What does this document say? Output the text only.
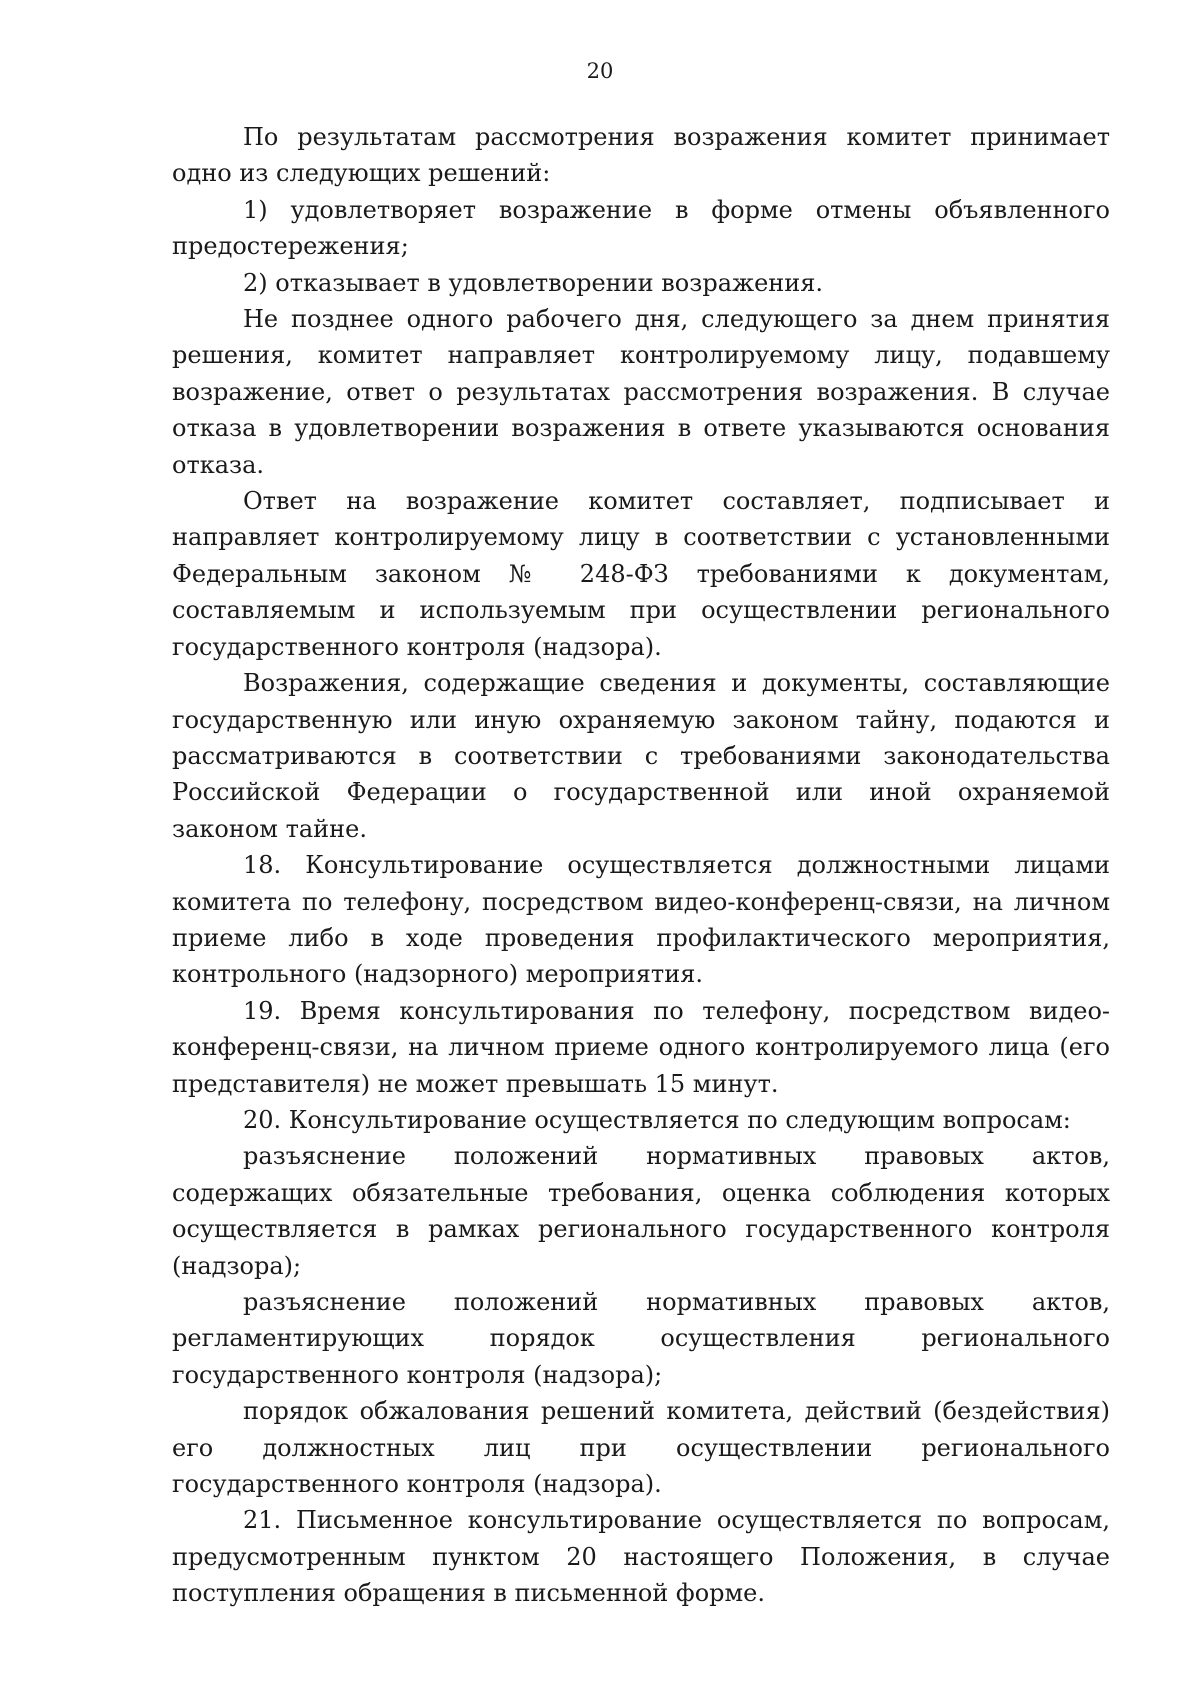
20

По результатам рассмотрения возражения комитет принимает одно из следующих решений:

1) удовлетворяет возражение в форме отмены объявленного предостережения;

2) отказывает в удовлетворении возражения.

Не позднее одного рабочего дня, следующего за днем принятия решения, комитет направляет контролируемому лицу, подавшему возражение, ответ о результатах рассмотрения возражения. В случае отказа в удовлетворении возражения в ответе указываются основания отказа.

Ответ на возражение комитет составляет, подписывает и направляет контролируемому лицу в соответствии с установленными Федеральным законом № 248-ФЗ требованиями к документам, составляемым и используемым при осуществлении регионального государственного контроля (надзора).

Возражения, содержащие сведения и документы, составляющие государственную или иную охраняемую законом тайну, подаются и рассматриваются в соответствии с требованиями законодательства Российской Федерации о государственной или иной охраняемой законом тайне.

18. Консультирование осуществляется должностными лицами комитета по телефону, посредством видео-конференц-связи, на личном приеме либо в ходе проведения профилактического мероприятия, контрольного (надзорного) мероприятия.

19. Время консультирования по телефону, посредством видео-конференц-связи, на личном приеме одного контролируемого лица (его представителя) не может превышать 15 минут.

20. Консультирование осуществляется по следующим вопросам:

разъяснение положений нормативных правовых актов, содержащих обязательные требования, оценка соблюдения которых осуществляется в рамках регионального государственного контроля (надзора);

разъяснение положений нормативных правовых актов, регламентирующих порядок осуществления регионального государственного контроля (надзора);

порядок обжалования решений комитета, действий (бездействия) его должностных лиц при осуществлении регионального государственного контроля (надзора).

21. Письменное консультирование осуществляется по вопросам, предусмотренным пунктом 20 настоящего Положения, в случае поступления обращения в письменной форме.
